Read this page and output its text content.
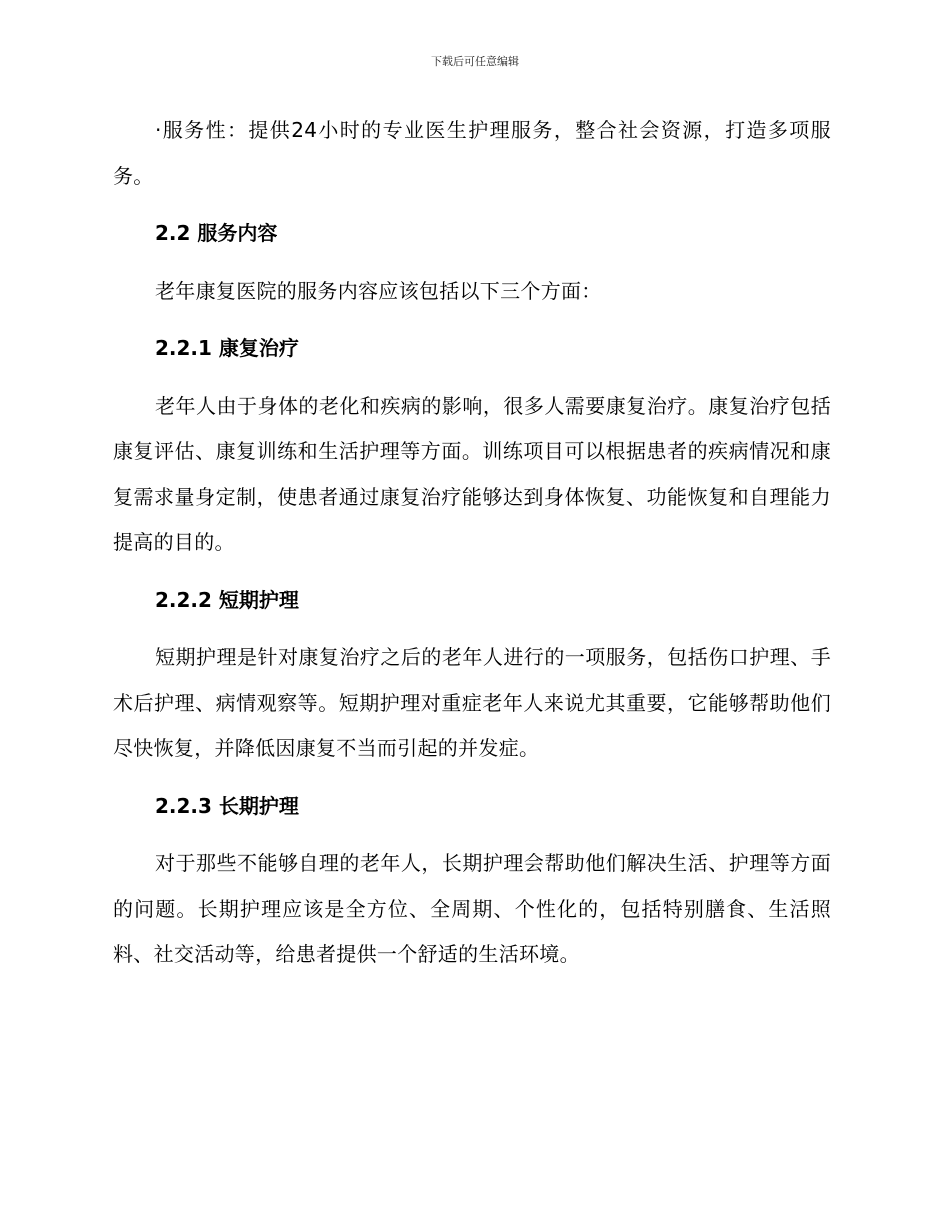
下载后可任意编辑

·服务性：提供24小时的专业医生护理服务，整合社会资源，打造多项服务。

2.2 服务内容

老年康复医院的服务内容应该包括以下三个方面：

2.2.1 康复治疗

老年人由于身体的老化和疾病的影响，很多人需要康复治疗。康复治疗包括康复评估、康复训练和生活护理等方面。训练项目可以根据患者的疾病情况和康复需求量身定制，使患者通过康复治疗能够达到身体恢复、功能恢复和自理能力提高的目的。

2.2.2 短期护理

短期护理是针对康复治疗之后的老年人进行的一项服务，包括伤口护理、手术后护理、病情观察等。短期护理对重症老年人来说尤其重要，它能够帮助他们尽快恢复，并降低因康复不当而引起的并发症。

2.2.3 长期护理

对于那些不能够自理的老年人，长期护理会帮助他们解决生活、护理等方面的问题。长期护理应该是全方位、全周期、个性化的，包括特别膳食、生活照料、社交活动等，给患者提供一个舒适的生活环境。
